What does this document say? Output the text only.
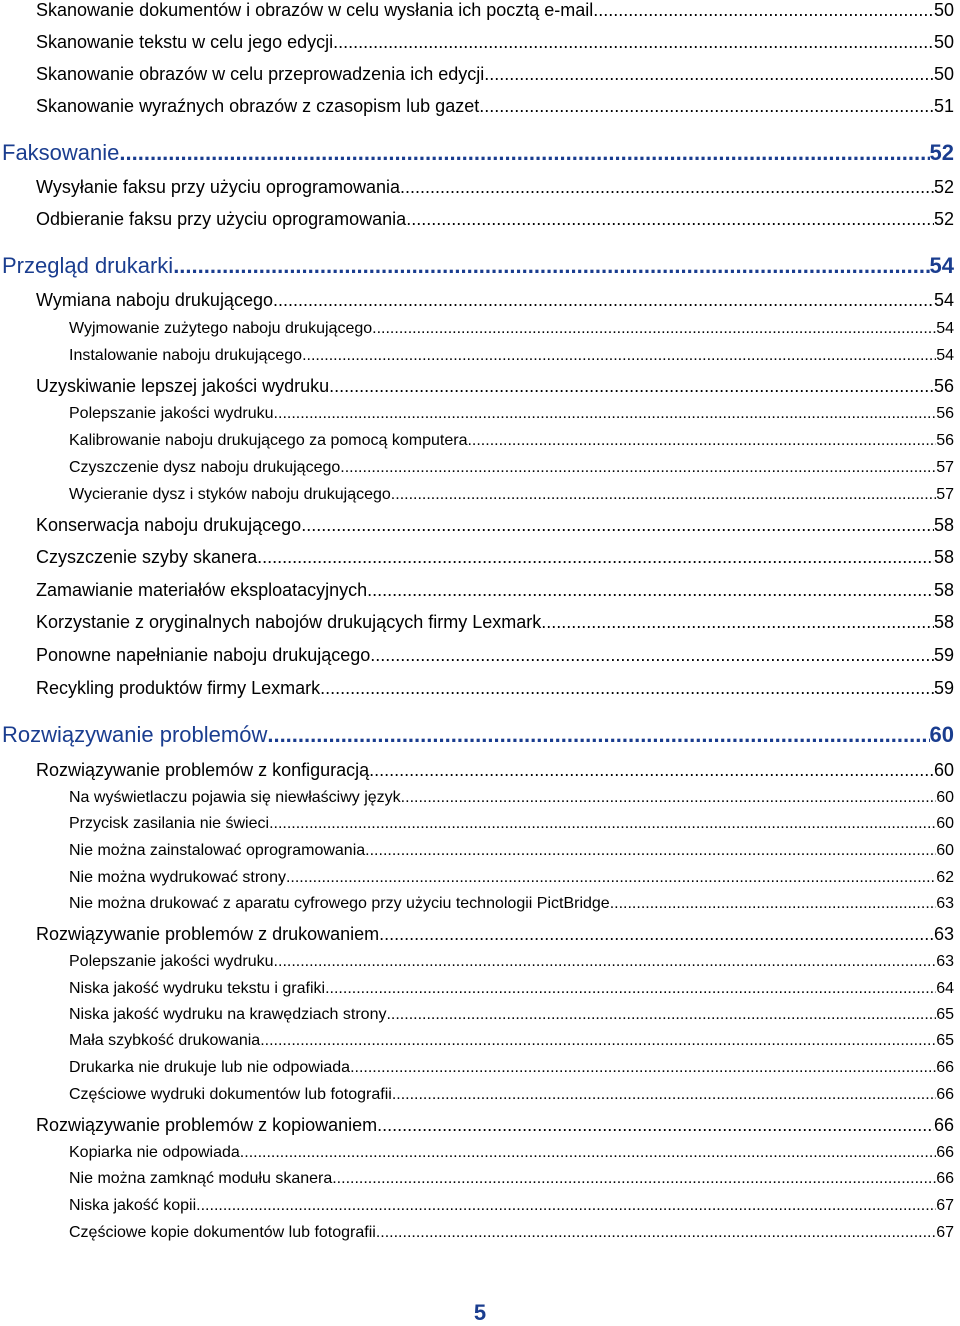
Skanowanie dokumentów i obrazów w celu wysłania ich pocztą e-mail .....	50
Skanowanie tekstu w celu jego edycji .....	50
Skanowanie obrazów w celu przeprowadzenia ich edycji .....	50
Skanowanie wyraźnych obrazów z czasopism lub gazet .....	51
Faksowanie .....	52
Wysyłanie faksu przy użyciu oprogramowania .....	52
Odbieranie faksu przy użyciu oprogramowania .....	52
Przegląd drukarki .....	54
Wymiana naboju drukującego .....	54
Wyjmowanie zużytego naboju drukującego .....	54
Instalowanie naboju drukującego .....	54
Uzyskiwanie lepszej jakości wydruku .....	56
Polepszanie jakości wydruku .....	56
Kalibrowanie naboju drukującego za pomocą komputera .....	56
Czyszczenie dysz naboju drukującego .....	57
Wycieranie dysz i styków naboju drukującego .....	57
Konserwacja naboju drukującego .....	58
Czyszczenie szyby skanera .....	58
Zamawianie materiałów eksploatacyjnych .....	58
Korzystanie z oryginalnych nabojów drukujących firmy Lexmark .....	58
Ponowne napełnianie naboju drukującego .....	59
Recykling produktów firmy Lexmark .....	59
Rozwiązywanie problemów .....	60
Rozwiązywanie problemów z konfiguracją .....	60
Na wyświetlaczu pojawia się niewłaściwy język .....	60
Przycisk zasilania nie świeci .....	60
Nie można zainstalować oprogramowania .....	60
Nie można wydrukować strony .....	62
Nie można drukować z aparatu cyfrowego przy użyciu technologii PictBridge .....	63
Rozwiązywanie problemów z drukowaniem .....	63
Polepszanie jakości wydruku .....	63
Niska jakość wydruku tekstu i grafiki .....	64
Niska jakość wydruku na krawędziach strony .....	65
Mała szybkość drukowania .....	65
Drukarka nie drukuje lub nie odpowiada .....	66
Częściowe wydruki dokumentów lub fotografii .....	66
Rozwiązywanie problemów z kopiowaniem .....	66
Kopiarka nie odpowiada .....	66
Nie można zamknąć modułu skanera .....	66
Niska jakość kopii .....	67
Częściowe kopie dokumentów lub fotografii .....	67
5
